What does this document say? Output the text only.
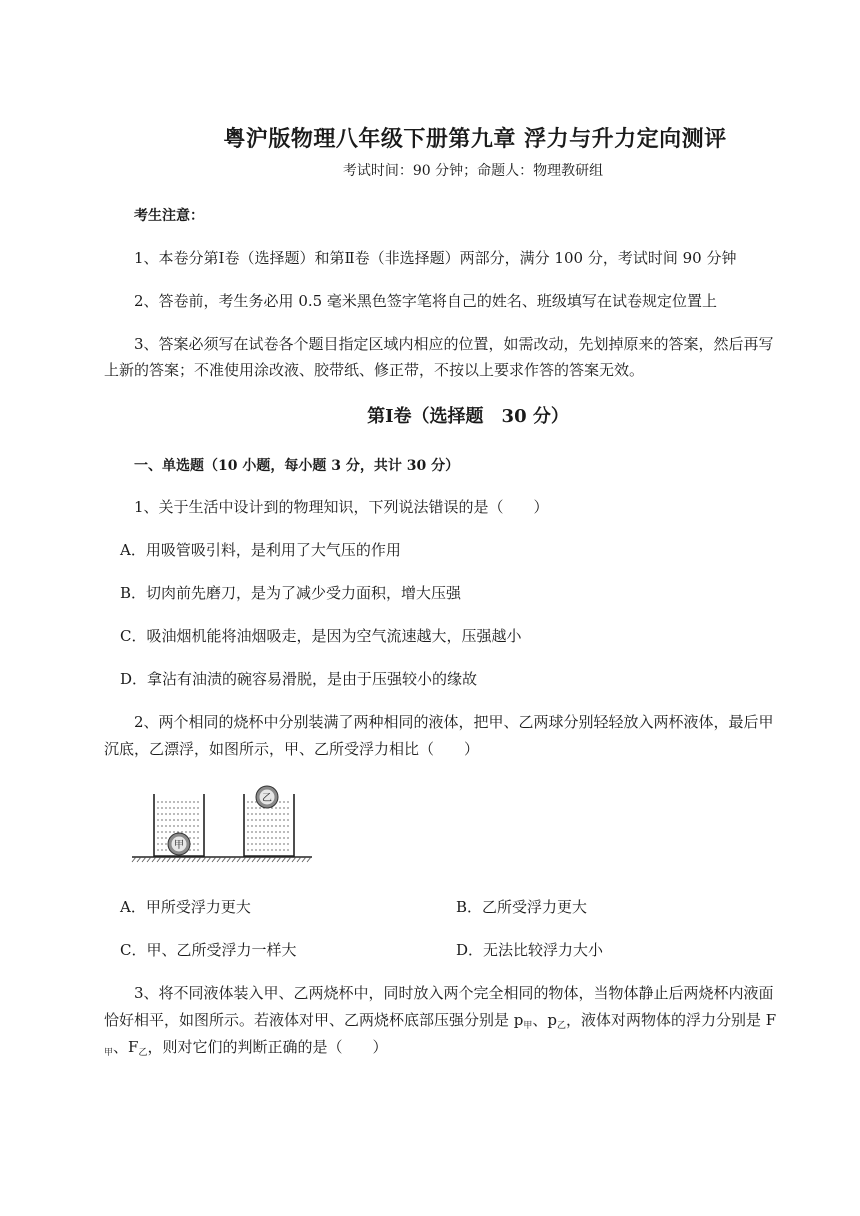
粤沪版物理八年级下册第九章 浮力与升力定向测评
考试时间：90 分钟；命题人：物理教研组
考生注意：
1、本卷分第Ⅰ卷（选择题）和第Ⅱ卷（非选择题）两部分，满分 100 分，考试时间 90 分钟
2、答卷前，考生务必用 0.5 毫米黑色签字笔将自己的姓名、班级填写在试卷规定位置上
3、答案必须写在试卷各个题目指定区域内相应的位置，如需改动，先划掉原来的答案，然后再写
上新的答案；不准使用涂改液、胶带纸、修正带，不按以上要求作答的答案无效。
第Ⅰ卷（选择题　30 分）
一、单选题（10 小题，每小题 3 分，共计 30 分）
1、关于生活中设计到的物理知识，下列说法错误的是（　　）
A．用吸管吸引料，是利用了大气压的作用
B．切肉前先磨刀，是为了减少受力面积，增大压强
C．吸油烟机能将油烟吸走，是因为空气流速越大，压强越小
D．拿沾有油渍的碗容易滑脱，是由于压强较小的缘故
2、两个相同的烧杯中分别装满了两种相同的液体，把甲、乙两球分别轻轻放入两杯液体，最后甲
沉底，乙漂浮，如图所示，甲、乙所受浮力相比（　　）
甲
乙
A．甲所受浮力更大	B．乙所受浮力更大
C．甲、乙所受浮力一样大	D．无法比较浮力大小
3、将不同液体装入甲、乙两烧杯中，同时放入两个完全相同的物体，当物体静止后两烧杯内液面
恰好相平，如图所示。若液体对甲、乙两烧杯底部压强分别是 $p_甲$、$p_乙$，液体对两物体的浮力分别是 F
$_甲$、$F_乙$，则对它们的判断正确的是（　　）
